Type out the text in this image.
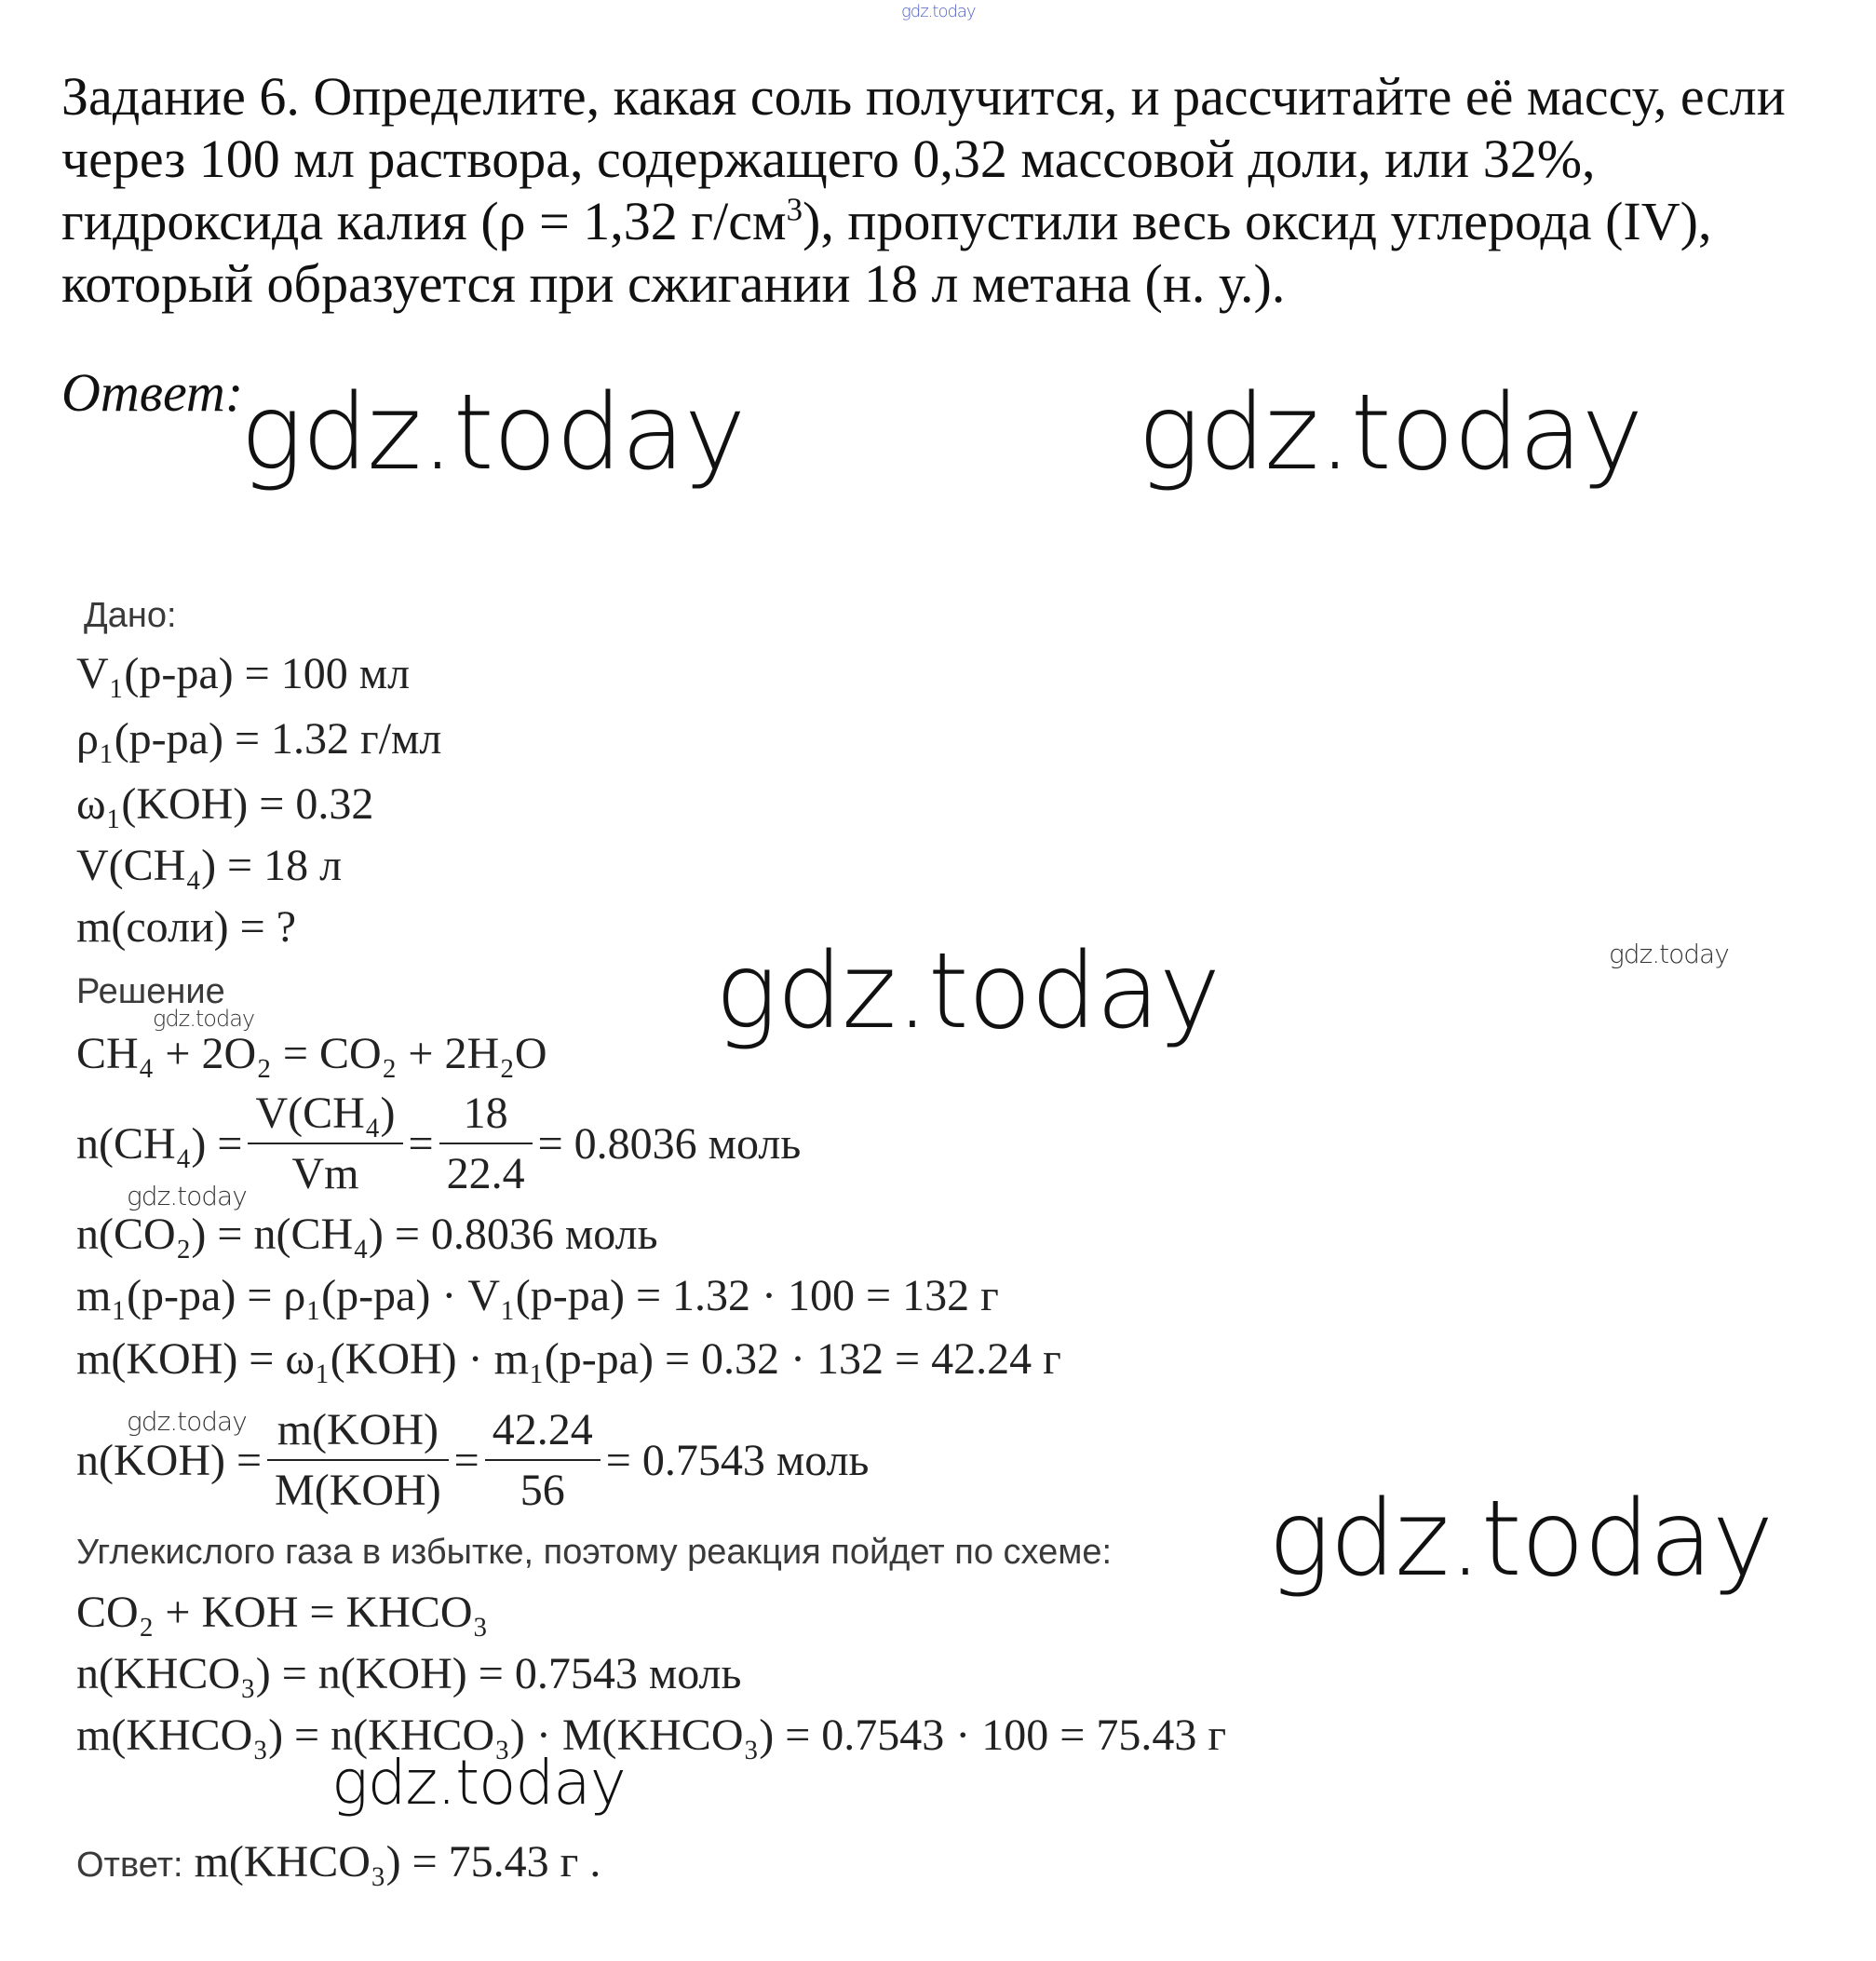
gdz.today

Задание 6. Определите, какая соль получится, и рассчитайте её массу, если

через 100 мл раствора, содержащего 0,32 массовой доли, или 32%,

гидроксида калия (ρ = 1,32 $г/см^3$), пропустили весь оксид углерода (IV),

который образуется при сжигании 18 л метана (н. у.).

Ответ:
gdz.today	gdz.today
gdz.today
gdz.today
gdz.today
gdz.today
gdz.today
gdz.today
gdz.today
Дано:
V₁(р-ра) = 100 мл
ρ₁(р-ра) = 1.32 г/мл
ω₁(KOH) = 0.32
V(CH₄) = 18 л
m(соли) = ?
Решение
CH₄ + 2O₂ = CO₂ + 2H₂O
$n(CH_4) = \frac{\text{V(CH₄)}}{Vm} = \frac{18}{22.4} = 0.8036$ моль
n(CO₂) = n(CH₄) = 0.8036 моль
m₁(р-ра) = ρ₁(р-ра) · V₁(р-ра) = 1.32 · 100 = 132 г
m(KOH) = ω₁(KOH) · m₁(р-ра) = 0.32 · 132 = 42.24 г
$n(KOH) = \frac{\text{m(KOH)}}{\text{M(KOH)}} = \frac{42.24}{56} = 0.7543$ моль
Углекислого газа в избытке, поэтому реакция пойдет по схеме:
CO₂ + KOH = KHCO₃
n(KHCO₃) = n(KOH) = 0.7543 моль
m(KHCO₃) = n(KHCO₃) · M(KHCO₃) = 0.7543 · 100 = 75.43 г
Ответ: m(KHCO₃) = 75.43 г .
